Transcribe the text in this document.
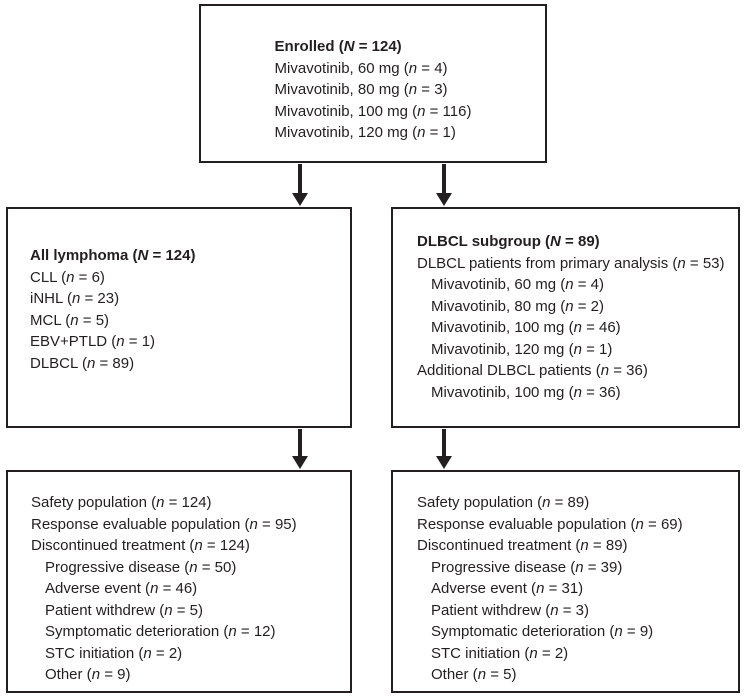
Enrolled (N = 124)
Mivavotinib, 60 mg (n = 4)
Mivavotinib, 80 mg (n = 3)
Mivavotinib, 100 mg (n = 116)
Mivavotinib, 120 mg (n = 1)
All lymphoma (N = 124)
CLL (n = 6)
iNHL (n = 23)
MCL (n = 5)
EBV+PTLD (n = 1)
DLBCL (n = 89)
DLBCL subgroup (N = 89)
DLBCL patients from primary analysis (n = 53)
Mivavotinib, 60 mg (n = 4)
Mivavotinib, 80 mg (n = 2)
Mivavotinib, 100 mg (n = 46)
Mivavotinib, 120 mg (n = 1)
Additional DLBCL patients (n = 36)
Mivavotinib, 100 mg (n = 36)
Safety population (n = 124)
Response evaluable population (n = 95)
Discontinued treatment (n = 124)
Progressive disease (n = 50)
Adverse event (n = 46)
Patient withdrew (n = 5)
Symptomatic deterioration (n = 12)
STC initiation (n = 2)
Other (n = 9)
Safety population (n = 89)
Response evaluable population (n = 69)
Discontinued treatment (n = 89)
Progressive disease (n = 39)
Adverse event (n = 31)
Patient withdrew (n = 3)
Symptomatic deterioration (n = 9)
STC initiation (n = 2)
Other (n = 5)
